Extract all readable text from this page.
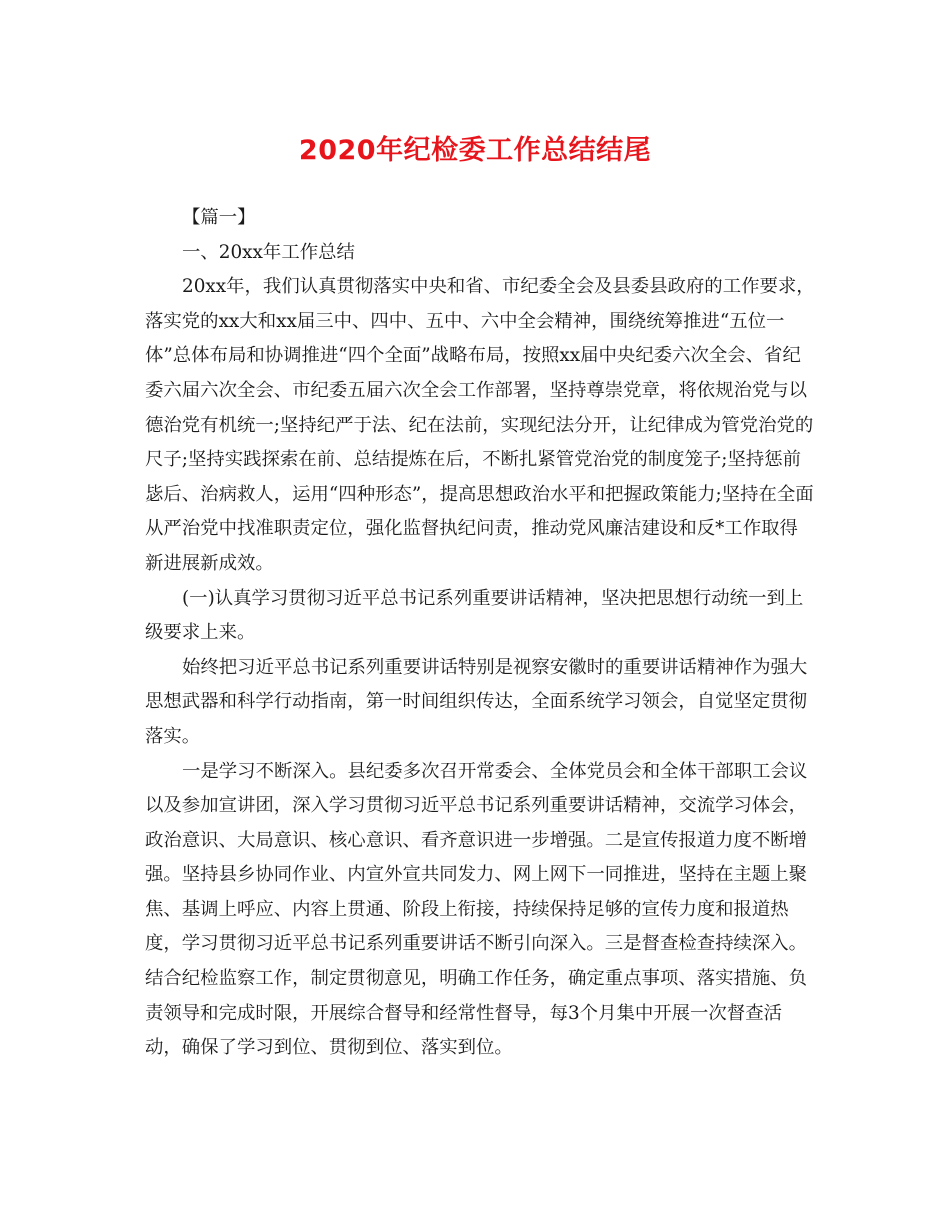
2020年纪检委工作总结结尾

【篇一】

一、20xx年工作总结

20xx年，我们认真贯彻落实中央和省、市纪委全会及县委县政府的工作要求，落实党的xx大和xx届三中、四中、五中、六中全会精神，围绕统筹推进“五位一体”总体布局和协调推进“四个全面”战略布局，按照xx届中央纪委六次全会、省纪委六届六次全会、市纪委五届六次全会工作部署，坚持尊崇党章，将依规治党与以德治党有机统一;坚持纪严于法、纪在法前，实现纪法分开，让纪律成为管党治党的尺子;坚持实践探索在前、总结提炼在后，不断扎紧管党治党的制度笼子;坚持惩前毖后、治病救人，运用“四种形态”，提高思想政治水平和把握政策能力;坚持在全面从严治党中找准职责定位，强化监督执纪问责，推动党风廉洁建设和反*工作取得新进展新成效。

(一)认真学习贯彻习近平总书记系列重要讲话精神，坚决把思想行动统一到上级要求上来。

始终把习近平总书记系列重要讲话特别是视察安徽时的重要讲话精神作为强大思想武器和科学行动指南，第一时间组织传达，全面系统学习领会，自觉坚定贯彻落实。

一是学习不断深入。县纪委多次召开常委会、全体党员会和全体干部职工会议以及参加宣讲团，深入学习贯彻习近平总书记系列重要讲话精神，交流学习体会，政治意识、大局意识、核心意识、看齐意识进一步增强。二是宣传报道力度不断增强。坚持县乡协同作业、内宣外宣共同发力、网上网下一同推进，坚持在主题上聚焦、基调上呼应、内容上贯通、阶段上衔接，持续保持足够的宣传力度和报道热度，学习贯彻习近平总书记系列重要讲话不断引向深入。三是督查检查持续深入。结合纪检监察工作，制定贯彻意见，明确工作任务，确定重点事项、落实措施、负责领导和完成时限，开展综合督导和经常性督导，每3个月集中开展一次督查活动，确保了学习到位、贯彻到位、落实到位。
